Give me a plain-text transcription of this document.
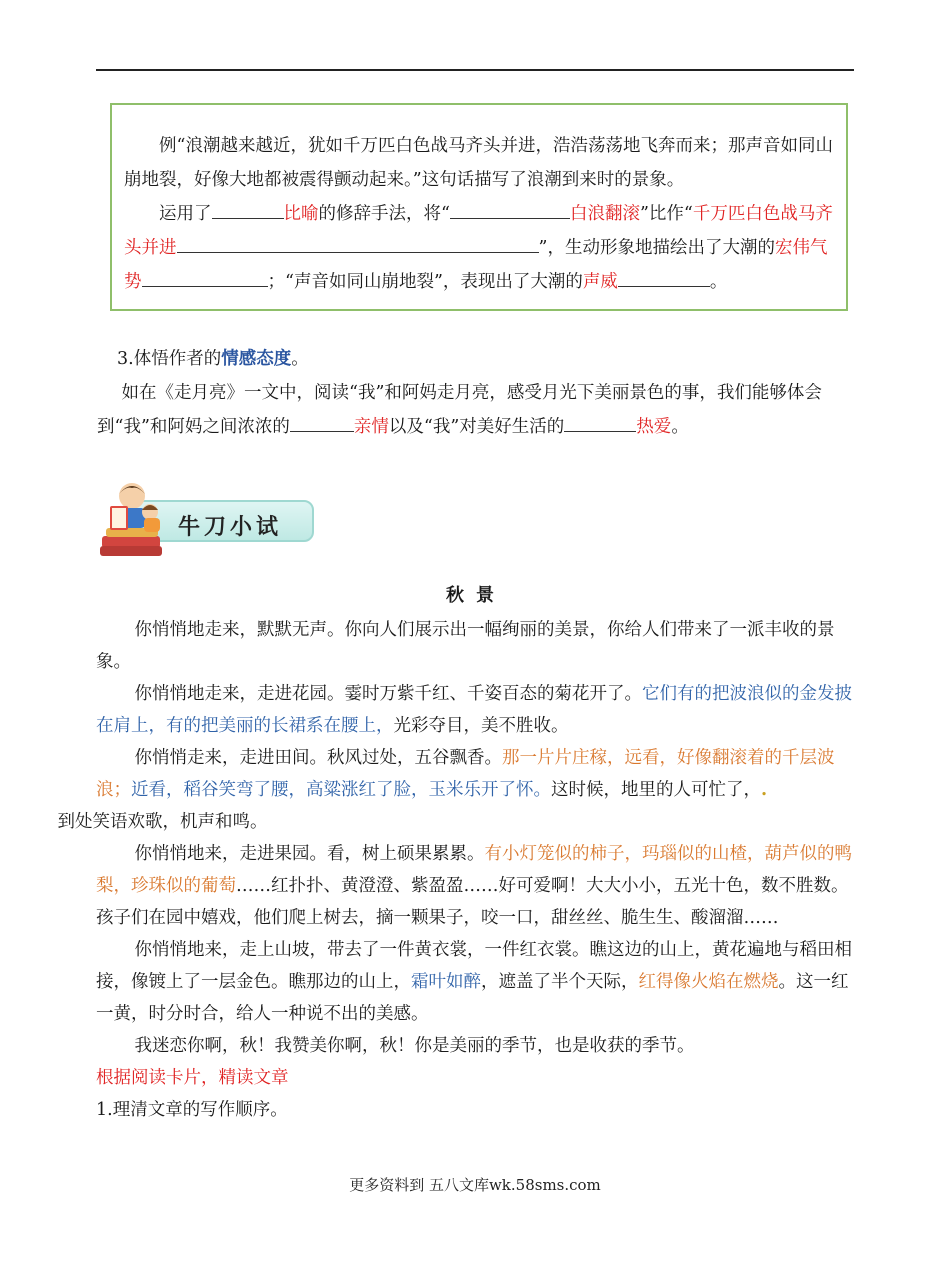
例“浪潮越来越近，犹如千万匹白色战马齐头并进，浩浩荡荡地飞奔而来；那声音如同山崩地裂，好像大地都被震得颤动起来。”这句话描写了浪潮到来时的景象。

运用了	比喻的修辞手法，将“	白浪翻滚”比作“千万匹白色战马齐头并进	”，生动形象地描绘出了大潮的宏伟气势	；“声音如同山崩地裂”，表现出了大潮的声威	。

3.体悟作者的情感态度。

如在《走月亮》一文中，阅读“我”和阿妈走月亮，感受月光下美丽景色的事，我们能够体会到“我”和阿妈之间浓浓的	亲情以及“我”对美好生活的	热爱。

牛刀小试

秋景

你悄悄地走来，默默无声。你向人们展示出一幅绚丽的美景，你给人们带来了一派丰收的景象。

你悄悄地走来，走进花园。霎时万紫千红、千姿百态的菊花开了。它们有的把波浪似的金发披在肩上，有的把美丽的长裙系在腰上，光彩夺目，美不胜收。

你悄悄走来，走进田间。秋风过处，五谷飘香。那一片片庄稼，远看，好像翻滚着的千层波浪；近看，稻谷笑弯了腰，高粱涨红了脸，玉米乐开了怀。这时候，地里的人可忙了，.
到处笑语欢歌，机声和鸣。

你悄悄地来，走进果园。看，树上硕果累累。有小灯笼似的柿子，玛瑙似的山楂，葫芦似的鸭梨，珍珠似的葡萄……红扑扑、黄澄澄、紫盈盈……好可爱啊！大大小小，五光十色，数不胜数。孩子们在园中嬉戏，他们爬上树去，摘一颗果子，咬一口，甜丝丝、脆生生、酸溜溜……

你悄悄地来，走上山坡，带去了一件黄衣裳，一件红衣裳。瞧这边的山上，黄花遍地与稻田相接，像镀上了一层金色。瞧那边的山上，霜叶如醉，遮盖了半个天际，红得像火焰在燃烧。这一红一黄，时分时合，给人一种说不出的美感。

我迷恋你啊，秋！我赞美你啊，秋！你是美丽的季节，也是收获的季节。

根据阅读卡片，精读文章

1.理清文章的写作顺序。

更多资料到 五八文库wk.58sms.com
